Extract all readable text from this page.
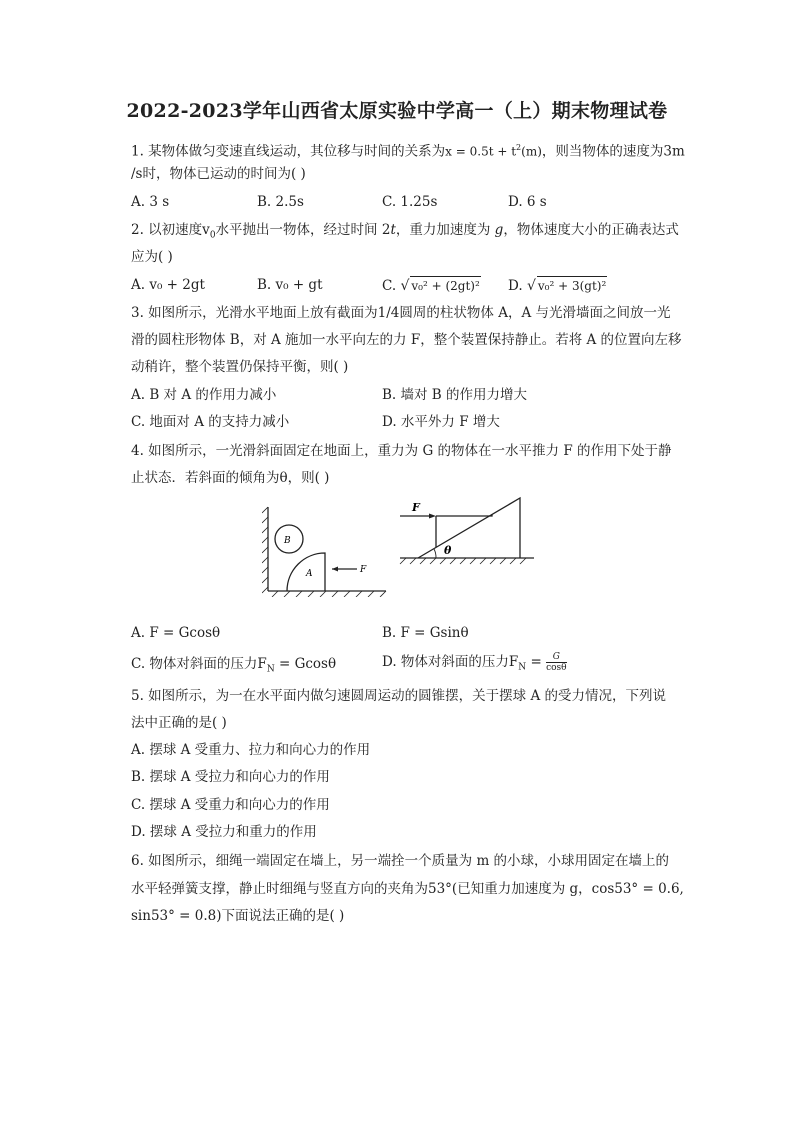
2022-2023学年山西省太原实验中学高一（上）期末物理试卷
1. 某物体做匀变速直线运动，其位移与时间的关系为$x = 0.5t + t^2(m)$，则当物体的速度为3m
/s时，物体已运动的时间为( )
A. 3 s	B. 2.5s	C. 1.25s	D. 6 s
2. 以初速度$v_0$水平抛出一物体，经过时间 2t，重力加速度为 g，物体速度大小的正确表达式
应为( )
A. v₀ + 2gt	B. v₀ + gt	C. √ v₀² + (2gt)² D. √ v₀² + 3(gt)²
3. 如图所示，光滑水平地面上放有截面为1/4圆周的柱状物体 A，A 与光滑墙面之间放一光
滑的圆柱形物体 B，对 A 施加一水平向左的力 F，整个装置保持静止。若将 A 的位置向左移
动稍许，整个装置仍保持平衡，则( )
A. B 对 A 的作用力减小	B. 墙对 B 的作用力增大
C. 地面对 A 的支持力减小	D. 水平外力 F 增大
4. 如图所示，一光滑斜面固定在地面上，重力为 G 的物体在一水平推力 F 的作用下处于静
止状态．若斜面的倾角为θ，则( )
B
A	F
F
θ
A. F = Gcosθ	B. F = Gsinθ
C. 物体对斜面的压力$F_N = Gcos\theta$	D. 物体对斜面的压力$F_N = \frac{G}{\cos\theta}$
5. 如图所示，为一在水平面内做匀速圆周运动的圆锥摆，关于摆球 A 的受力情况，下列说
法中正确的是( )
A. 摆球 A 受重力、拉力和向心力的作用
B. 摆球 A 受拉力和向心力的作用
C. 摆球 A 受重力和向心力的作用
D. 摆球 A 受拉力和重力的作用
6. 如图所示，细绳一端固定在墙上，另一端拴一个质量为 m 的小球，小球用固定在墙上的
水平轻弹簧支撑，静止时细绳与竖直方向的夹角为53°(已知重力加速度为 g，cos53° = 0.6,
sin53° = 0.8)下面说法正确的是( )
